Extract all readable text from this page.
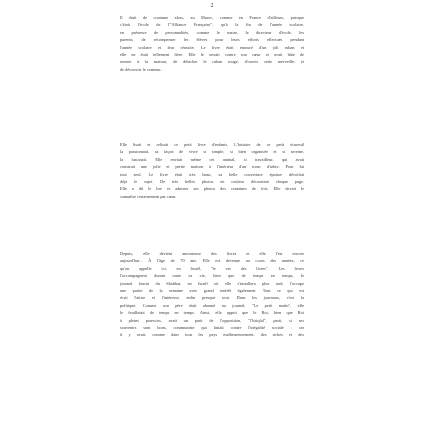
2
Il était de coutume alors, au Maroc, comme en France d'ailleurs, puisque
c'était l'école de l'"Alliance Française", qu'à la fin de l'année scolaire,
en présence de personnalités, comme le maire, le directeur d'école, les
parents, de récompenser les élèves pour leurs efforts effectués pendant
l'année scolaire et leur réussite. Le livre était entouré d'un joli ruban et
elle en était tellement fière. Elle le serrait contre son cœur et avait hâte de
rentrer à la maison, de détacher le ruban rouge, d'ouvrir cette merveille, et
de découvrir le contenu.
Elle lisait et relisait ce petit livre d'enfants. L'histoire de ce petit écureuil
la passionnait, sa façon de vivre si simple, si bien organisée et si sereine,
la fascinait. Elle enviait même cet animal, si travailleur, qui avait
construit une jolie et petite maison à l'intérieur d'un tronc d'arbre. Pour lui
tout seul. Le livre était très beau, sa belle couverture épaisse dévoilait
déjà le sujet. De très belles photos en couleur décoraient chaque page.
Elle a dû le lire et admirer ses photos des centaines de fois. Elle devait le
connaître certainement par cœur.
Depuis, elle devient amoureuse des livres et elle l'est encore
aujourd'hui... À l'âge de 70 ans. Elle est devenue au cours des années, ce
qu'on appelle ici, en Israël, "le ver des livres". Les livres
l'accompagnent durant toute sa vie, bien que de temps en temps, le
journal fourni du Shabbat, en Israël où elle s'installera plus tard, l'occupe
une partie de la semaine avec grand intérêt également. Tout ce qui est
écrit l'attire et l'intéresse, enfin presque tout. Dans les journaux, c'est la
politique. Comme son père était abonné au journal, "Le petit matin", elle
le feuilletait de temps en temps. Ainsi, elle apprit que le Roi, bien que Roi
à pleins pouvoirs, avait un parti de l'opposition, "l'Istiqlal", parti, si ses
souvenirs sont bons, communiste qui luttait contre l'inégalité sociale : car
il y avait, comme dans tous les pays malheureusement, des riches et des
